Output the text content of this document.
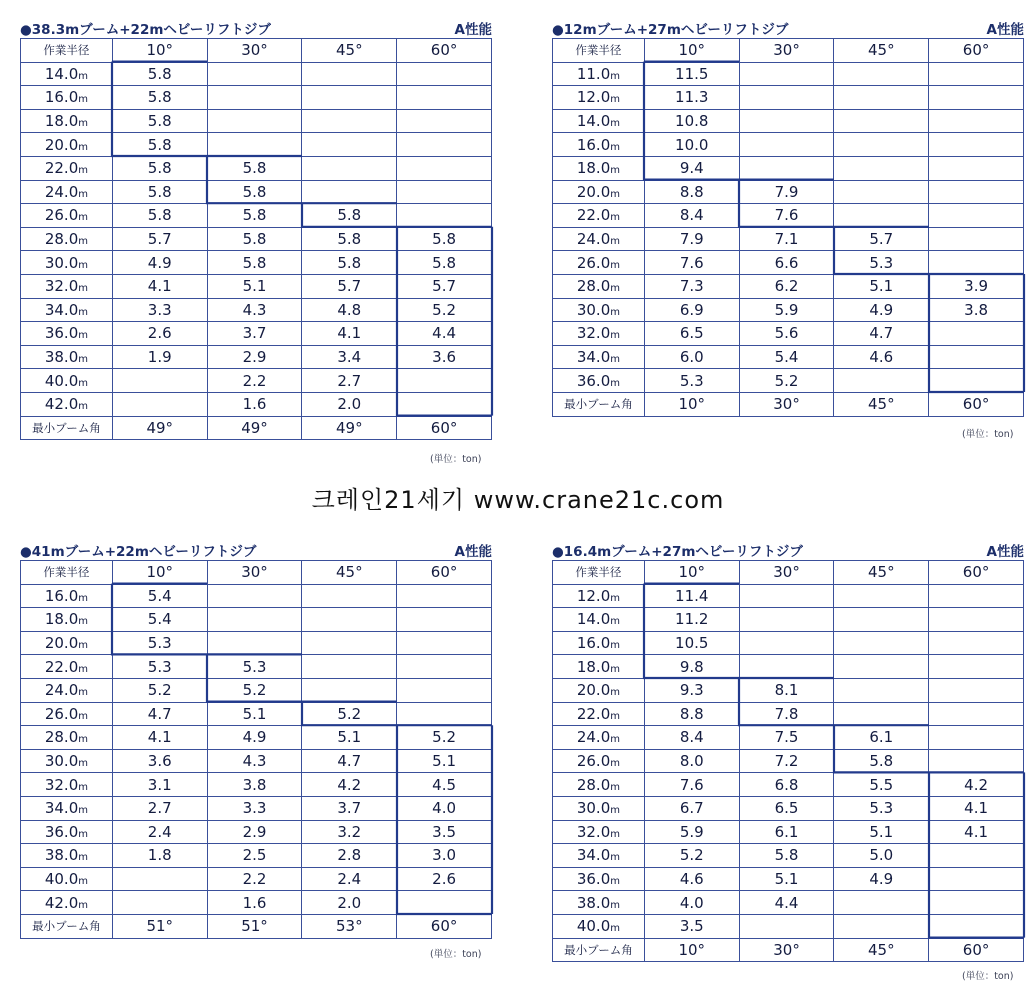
●38.3mブーム+22mヘビーリフトジブ	A性能
作業半径	10°	30°	45°	60°
14.0m	5.8			
16.0m	5.8			
18.0m	5.8			
20.0m	5.8			
22.0m	5.8	5.8		
24.0m	5.8	5.8		
26.0m	5.8	5.8	5.8	
28.0m	5.7	5.8	5.8	5.8
30.0m	4.9	5.8	5.8	5.8
32.0m	4.1	5.1	5.7	5.7
34.0m	3.3	4.3	4.8	5.2
36.0m	2.6	3.7	4.1	4.4
38.0m	1.9	2.9	3.4	3.6
40.0m		2.2	2.7	
42.0m		1.6	2.0	
最小ブーム角	49°	49°	49°	60°
●12mブーム+27mヘビーリフトジブ	A性能
作業半径	10°	30°	45°	60°
11.0m	11.5			
12.0m	11.3			
14.0m	10.8			
16.0m	10.0			
18.0m	9.4			
20.0m	8.8	7.9		
22.0m	8.4	7.6		
24.0m	7.9	7.1	5.7	
26.0m	7.6	6.6	5.3	
28.0m	7.3	6.2	5.1	3.9
30.0m	6.9	5.9	4.9	3.8
32.0m	6.5	5.6	4.7	
34.0m	6.0	5.4	4.6	
36.0m	5.3	5.2		
最小ブーム角	10°	30°	45°	60°
●41mブーム+22mヘビーリフトジブ	A性能
作業半径	10°	30°	45°	60°
16.0m	5.4			
18.0m	5.4			
20.0m	5.3			
22.0m	5.3	5.3		
24.0m	5.2	5.2		
26.0m	4.7	5.1	5.2	
28.0m	4.1	4.9	5.1	5.2
30.0m	3.6	4.3	4.7	5.1
32.0m	3.1	3.8	4.2	4.5
34.0m	2.7	3.3	3.7	4.0
36.0m	2.4	2.9	3.2	3.5
38.0m	1.8	2.5	2.8	3.0
40.0m		2.2	2.4	2.6
42.0m		1.6	2.0	
最小ブーム角	51°	51°	53°	60°
●16.4mブーム+27mヘビーリフトジブ	A性能
作業半径	10°	30°	45°	60°
12.0m	11.4			
14.0m	11.2			
16.0m	10.5			
18.0m	9.8			
20.0m	9.3	8.1		
22.0m	8.8	7.8		
24.0m	8.4	7.5	6.1	
26.0m	8.0	7.2	5.8	
28.0m	7.6	6.8	5.5	4.2
30.0m	6.7	6.5	5.3	4.1
32.0m	5.9	6.1	5.1	4.1
34.0m	5.2	5.8	5.0	
36.0m	4.6	5.1	4.9	
38.0m	4.0	4.4		
40.0m	3.5			
最小ブーム角	10°	30°	45°	60°
(単位：ton)
(単位：ton)
(単位：ton)
(単位：ton)
크레인21세기 www.crane21c.com
